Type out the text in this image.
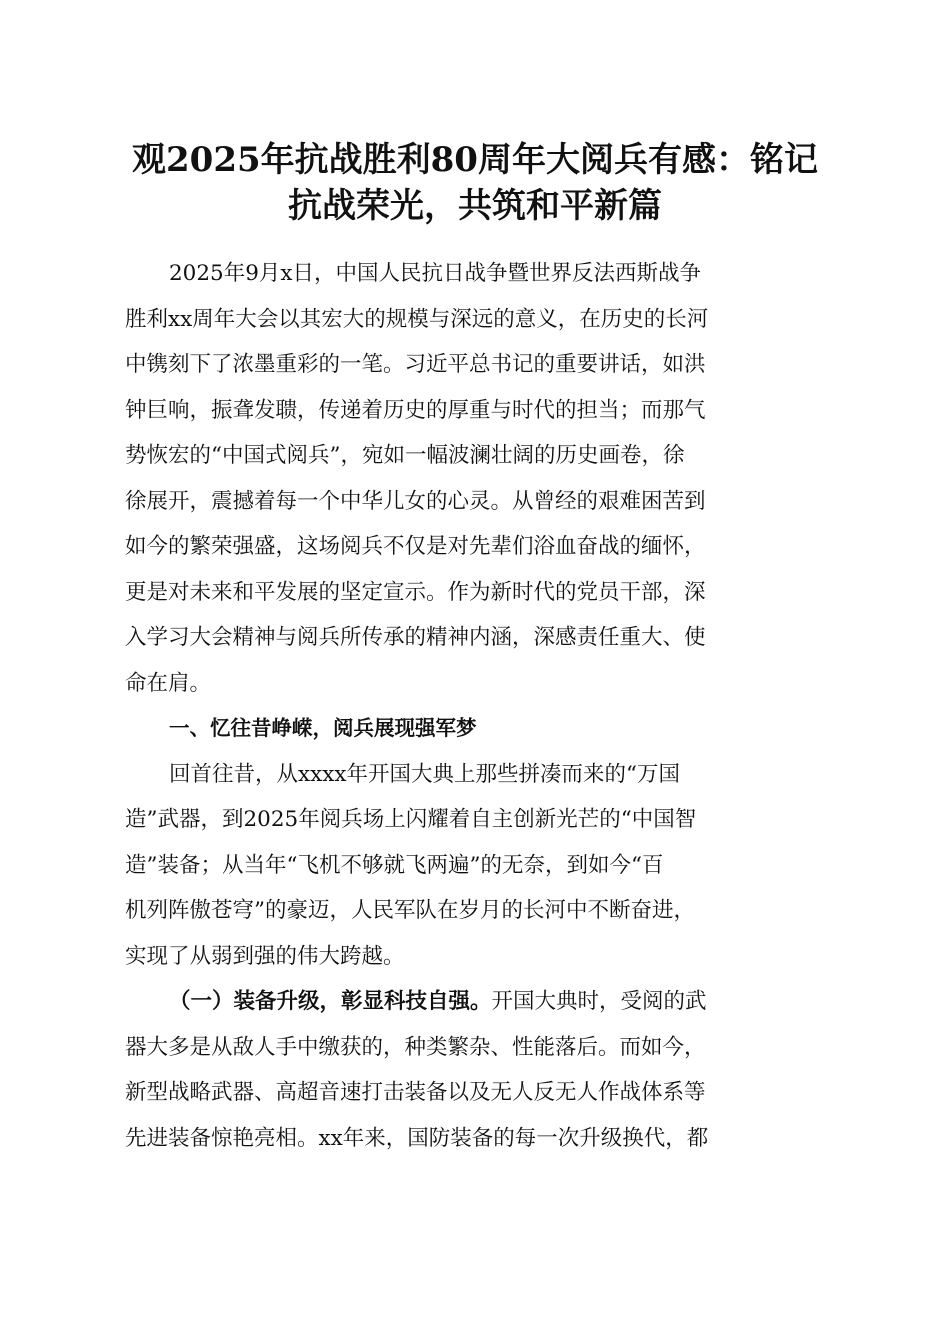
观2025年抗战胜利80周年大阅兵有感：铭记
抗战荣光，共筑和平新篇
2025年9月x日，中国人民抗日战争暨世界反法西斯战争
胜利xx周年大会以其宏大的规模与深远的意义，在历史的长河
中镌刻下了浓墨重彩的一笔。习近平总书记的重要讲话，如洪
钟巨响，振聋发聩，传递着历史的厚重与时代的担当；而那气
势恢宏的“中国式阅兵”，宛如一幅波澜壮阔的历史画卷，徐
徐展开，震撼着每一个中华儿女的心灵。从曾经的艰难困苦到
如今的繁荣强盛，这场阅兵不仅是对先辈们浴血奋战的缅怀，
更是对未来和平发展的坚定宣示。作为新时代的党员干部，深
入学习大会精神与阅兵所传承的精神内涵，深感责任重大、使
命在肩。
一、忆往昔峥嵘，阅兵展现强军梦
回首往昔，从xxxx年开国大典上那些拼凑而来的“万国
造”武器，到2025年阅兵场上闪耀着自主创新光芒的“中国智
造”装备；从当年“飞机不够就飞两遍”的无奈，到如今“百
机列阵傲苍穹”的豪迈，人民军队在岁月的长河中不断奋进，
实现了从弱到强的伟大跨越。
（一）装备升级，彰显科技自强。开国大典时，受阅的武
器大多是从敌人手中缴获的，种类繁杂、性能落后。而如今，
新型战略武器、高超音速打击装备以及无人反无人作战体系等
先进装备惊艳亮相。xx年来，国防装备的每一次升级换代，都
